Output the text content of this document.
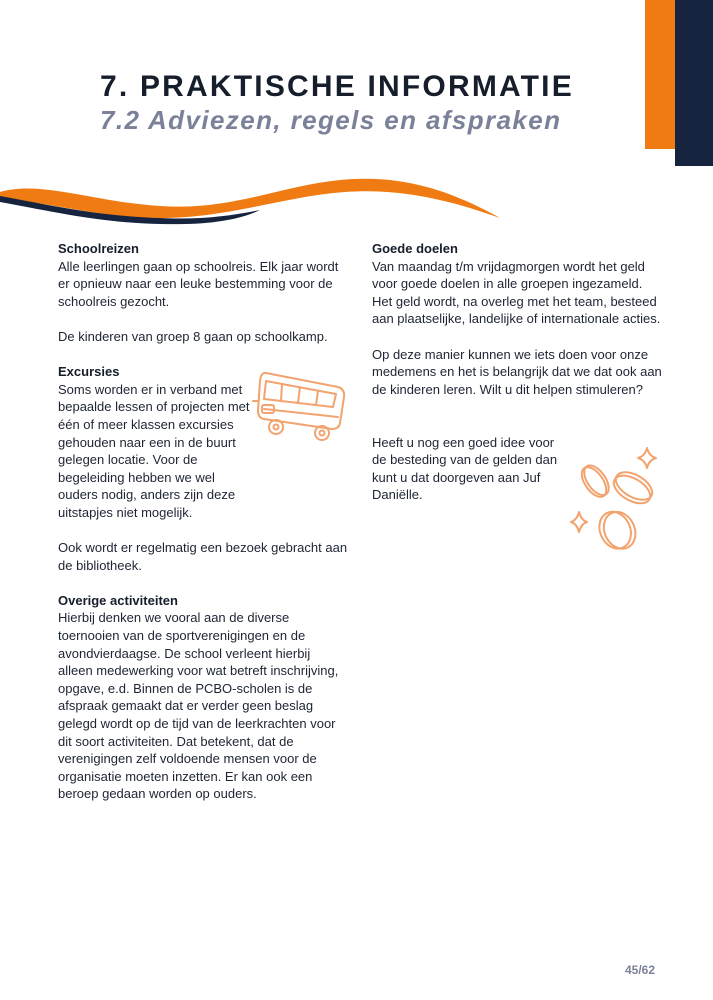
7. PRAKTISCHE INFORMATIE
7.2 Adviezen, regels en afspraken
Schoolreizen

Alle leerlingen gaan op schoolreis. Elk jaar wordt er opnieuw naar een leuke bestemming voor de schoolreis gezocht.

De kinderen van groep 8 gaan op schoolkamp.

Excursies

Soms worden er in verband met
bepaalde lessen of projecten met
één of meer klassen excursies
gehouden naar een in de buurt
gelegen locatie. Voor de
begeleiding hebben we wel
ouders nodig, anders zijn deze
uitstapjes niet mogelijk.

Ook wordt er regelmatig een bezoek gebracht aan de bibliotheek.

Overige activiteiten

Hierbij denken we vooral aan de diverse toernooien van de sportverenigingen en de avondvierdaagse. De school verleent hierbij alleen medewerking voor wat betreft inschrijving, opgave, e.d. Binnen de PCBO-scholen is de afspraak gemaakt dat er verder geen beslag gelegd wordt op de tijd van de leerkrachten voor dit soort activiteiten. Dat betekent, dat de verenigingen zelf voldoende mensen voor de organisatie moeten inzetten. Er kan ook een beroep gedaan worden op ouders.

Goede doelen

Van maandag t/m vrijdagmorgen wordt het geld voor goede doelen in alle groepen ingezameld. Het geld wordt, na overleg met het team, besteed aan plaatselijke, landelijke of internationale acties.

Op deze manier kunnen we iets doen voor onze medemens en het is belangrijk dat we dat ook aan de kinderen leren. Wilt u dit helpen stimuleren?

Heeft u nog een goed idee voor
de besteding van de gelden dan
kunt u dat doorgeven aan Juf
Daniëlle.

45/62
